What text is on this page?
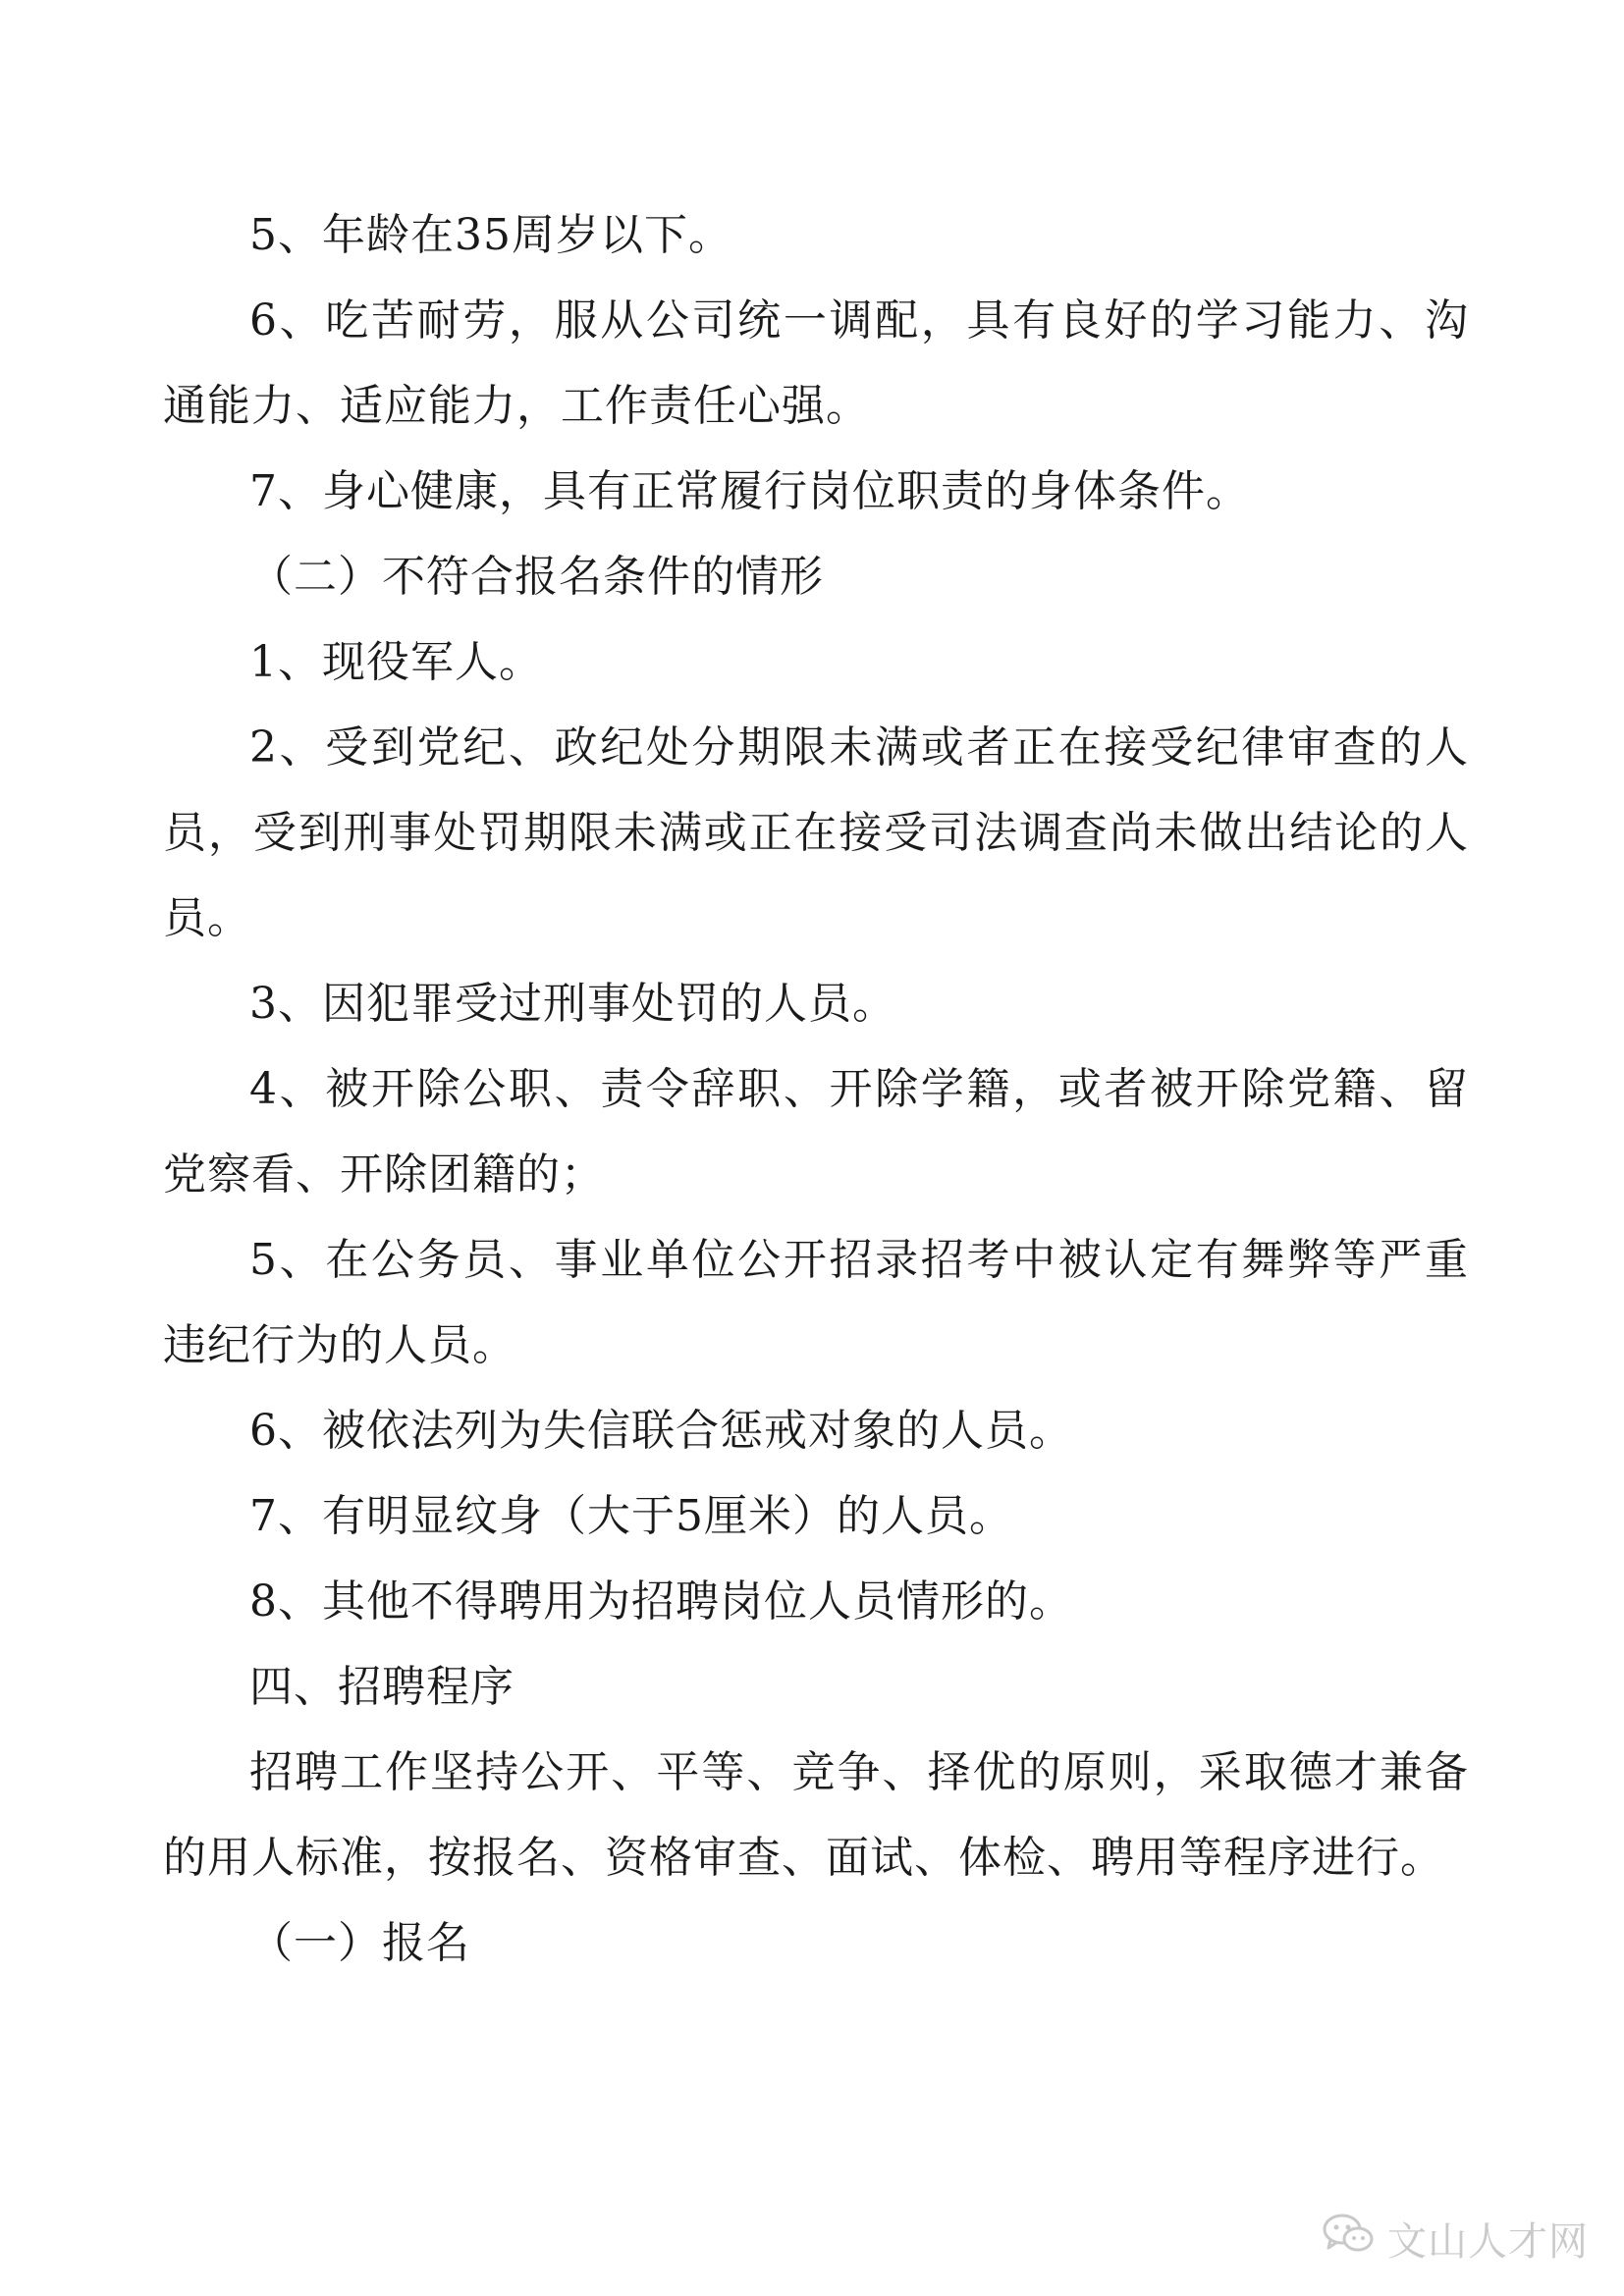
5、年龄在35周岁以下。

6、吃苦耐劳，服从公司统一调配，具有良好的学习能力、沟通能力、适应能力，工作责任心强。

7、身心健康，具有正常履行岗位职责的身体条件。

（二）不符合报名条件的情形

1、现役军人。

2、受到党纪、政纪处分期限未满或者正在接受纪律审查的人员，受到刑事处罚期限未满或正在接受司法调查尚未做出结论的人员。

3、因犯罪受过刑事处罚的人员。

4、被开除公职、责令辞职、开除学籍，或者被开除党籍、留党察看、开除团籍的；

5、在公务员、事业单位公开招录招考中被认定有舞弊等严重违纪行为的人员。

6、被依法列为失信联合惩戒对象的人员。

7、有明显纹身（大于5厘米）的人员。

8、其他不得聘用为招聘岗位人员情形的。

四、招聘程序

招聘工作坚持公开、平等、竞争、择优的原则，采取德才兼备的用人标准，按报名、资格审查、面试、体检、聘用等程序进行。

（一）报名

文山人才网
